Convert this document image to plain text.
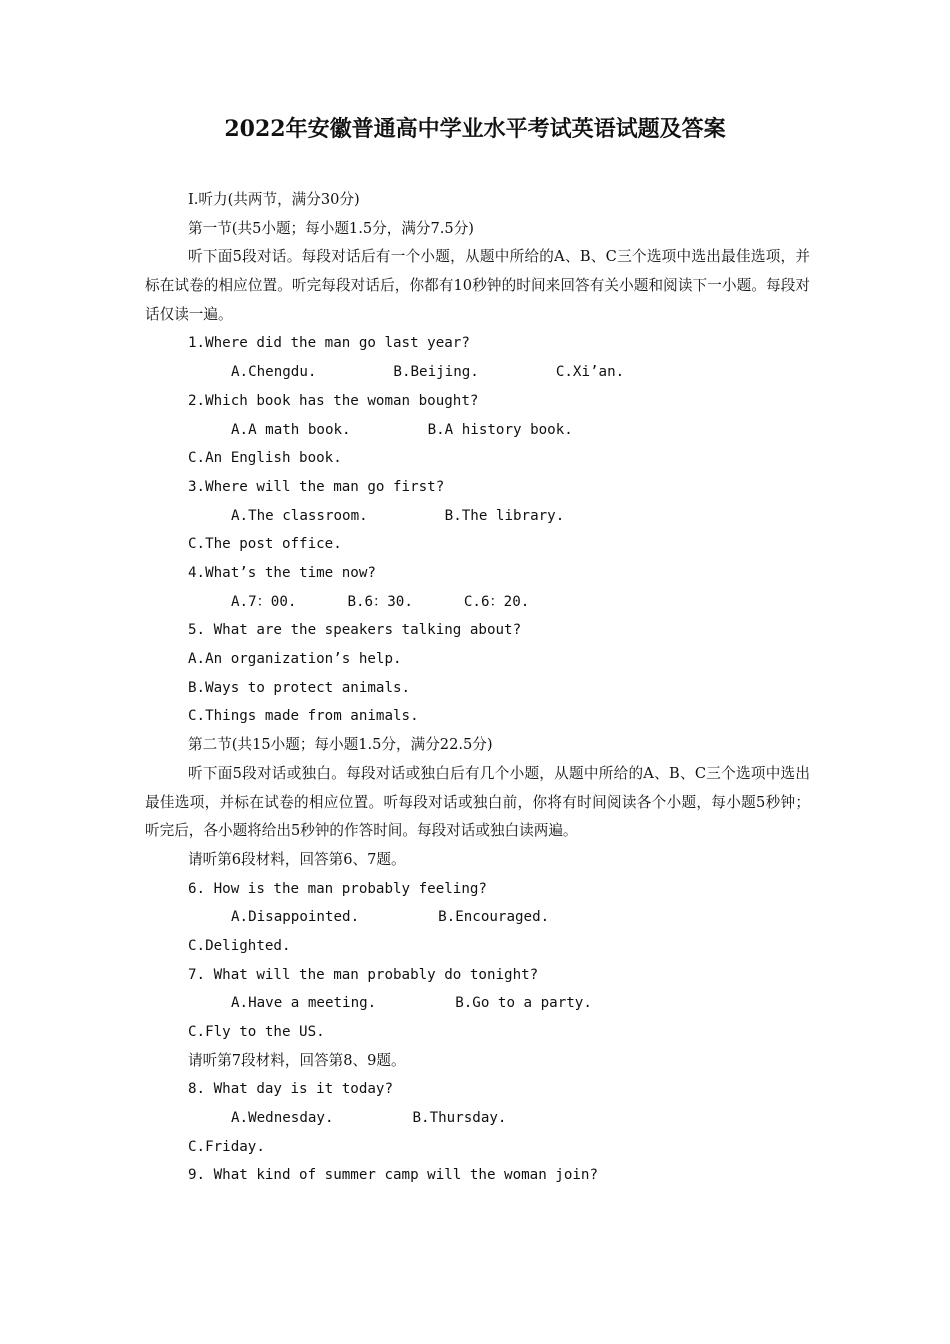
2022年安徽普通高中学业水平考试英语试题及答案
Ⅰ.听力(共两节，满分30分)
第一节(共5小题；每小题1.5分，满分7.5分)
听下面5段对话。每段对话后有一个小题，从题中所给的A、B、C三个选项中选出最佳选项，并标在试卷的相应位置。听完每段对话后，你都有10秒钟的时间来回答有关小题和阅读下一小题。每段对话仅读一遍。
1.Where did the man go last year?
A.Chengdu.	B.Beijing.	C.Xi’an.
2.Which book has the woman bought?
A.A math book.	B.A history book.
C.An English book.
3.Where will the man go first?
A.The classroom.	B.The library.
C.The post office.
4.What’s the time now?
A.7：00.	B.6：30.	C.6：20.
5. What are the speakers talking about?
A.An organization’s help.
B.Ways to protect animals.
C.Things made from animals.
第二节(共15小题；每小题1.5分，满分22.5分)
听下面5段对话或独白。每段对话或独白后有几个小题，从题中所给的A、B、C三个选项中选出最佳选项，并标在试卷的相应位置。听每段对话或独白前，你将有时间阅读各个小题，每小题5秒钟；听完后，各小题将给出5秒钟的作答时间。每段对话或独白读两遍。
请听第6段材料，回答第6、7题。
6. How is the man probably feeling?
A.Disappointed.	B.Encouraged.
C.Delighted.
7. What will the man probably do tonight?
A.Have a meeting.	B.Go to a party.
C.Fly to the US.
请听第7段材料，回答第8、9题。
8. What day is it today?
A.Wednesday.	B.Thursday.
C.Friday.
9. What kind of summer camp will the woman join?
